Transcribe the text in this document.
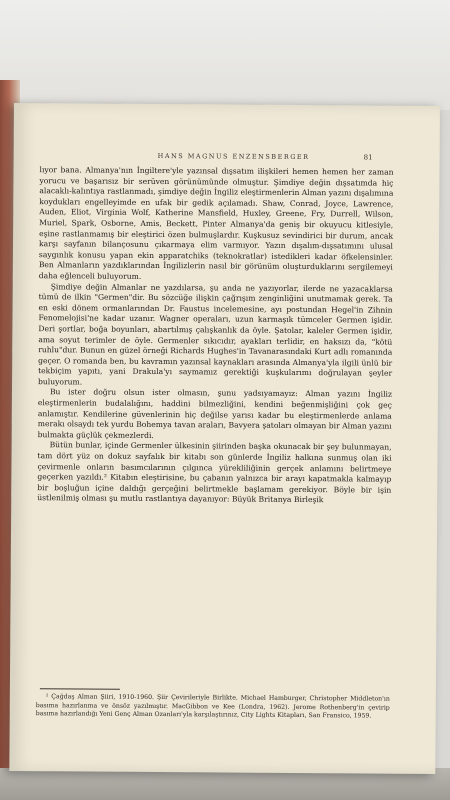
HANS MAGNUS ENZENSBERGER	81

lıyor bana. Almanya'nın İngiltere'yle yazınsal dışsatım ilişkileri hemen hemen her zaman yorucu ve başarısız bir serüven görünümünde olmuştur. Şimdiye değin dışsatımda hiç alacaklı-kalıntıya rastlanmadı, şimdiye değin İngiliz eleştirmenlerin Alman yazını dışalımına koydukları engelleyimde en ufak bir gedik açılamadı. Shaw, Conrad, Joyce, Lawrence, Auden, Eliot, Virginia Wolf, Katherine Mansfield, Huxley, Greene, Fry, Durrell, Wilson, Muriel, Spark, Osborne, Amis, Beckett, Pinter Almanya'da geniş bir okuyucu kitlesiyle, eşine rastlanmamış bir eleştirici özen bulmuşlardır. Kuşkusuz sevindirici bir durum, ancak karşı sayfanın bilançosunu çıkarmaya elim varmıyor. Yazın dışalım-dışsatımını ulusal saygınlık konusu yapan ekin apparatchiks (teknokratlar) istedikleri kadar öfkelensinler. Ben Almanların yazdıklarından İngilizlerin nasıl bir görünüm oluşturduklarını sergilemeyi daha eğlenceli buluyorum.

Şimdiye değin Almanlar ne yazdılarsa, şu anda ne yazıyorlar, ilerde ne yazacaklarsa tümü de ilkin "Germen"dir. Bu sözcüğe ilişkin çağrışım zenginliğini unutmamak gerek. Ta en eski dönem ormanlarından Dr. Faustus incelemesine, ayı postundan Hegel'in Zihnin Fenomelojisi'ne kadar uzanır. Wagner operaları, uzun karmaşık tümceler Germen işidir. Deri şortlar, boğa boyunları, abartılmış çalışkanlık da öyle. Şatolar, kaleler Germen işidir, ama soyut terimler de öyle. Germenler sıkıcıdır, ayakları terlidir, en haksızı da, "kötü ruhlu"dur. Bunun en güzel örneği Richards Hughes'in Tavanarasındaki Kurt adlı romanında geçer. O romanda ben, bu kavramın yazınsal kaynakları arasında Almanya'yla ilgili ünlü bir tekbiçim yapıtı, yani Drakula'yı saymamız gerektiği kuşkularımı doğrulayan şeyler buluyorum.

Bu ister doğru olsun ister olmasın, şunu yadsıyamayız: Alman yazını İngiliz eleştirmenlerin budalalığını, haddini bilmezliğini, kendini beğenmişliğini çok geç anlamıştır. Kendilerine güvenlerinin hiç değilse yarısı kadar bu eleştirmenlerde anlama merakı olsaydı tek yurdu Bohemya tavan araları, Bavyera şatoları olmayan bir Alman yazını bulmakta güçlük çekmezlerdi.

Bütün bunlar, içinde Germenler ülkesinin şiirinden başka okunacak bir şey bulunmayan, tam dört yüz on dokuz sayfalık bir kitabı son günlerde İngiliz halkına sunmuş olan iki çevirmenle onların basımcılarının çılgınca yürekliliğinin gerçek anlamını belirtmeye geçerken yazıldı.² Kitabın eleştirisine, bu çabanın yalnızca bir arayı kapatmakla kalmayıp bir boşluğun içine daldığı gerçeğini belirtmekle başlamam gerekiyor. Böyle bir işin üstlenilmiş olması şu mutlu rastlantıya dayanıyor: Büyük Britanya Birleşik

² Çağdaş Alman Şiiri, 1910-1960. Şiir Çevirileriyle Birlikte. Michael Hamburger, Christopher Middleton'ın basıma hazırlanma ve önsöz yazılmıştır. MacGibbon ve Kee (Londra, 1962). Jerome Rothenberg'in çevirip basıma hazırlandığı Yeni Genç Alman Ozanları'yla karşılaştırınız, City Lights Kitapları, San Fransico, 1959.
